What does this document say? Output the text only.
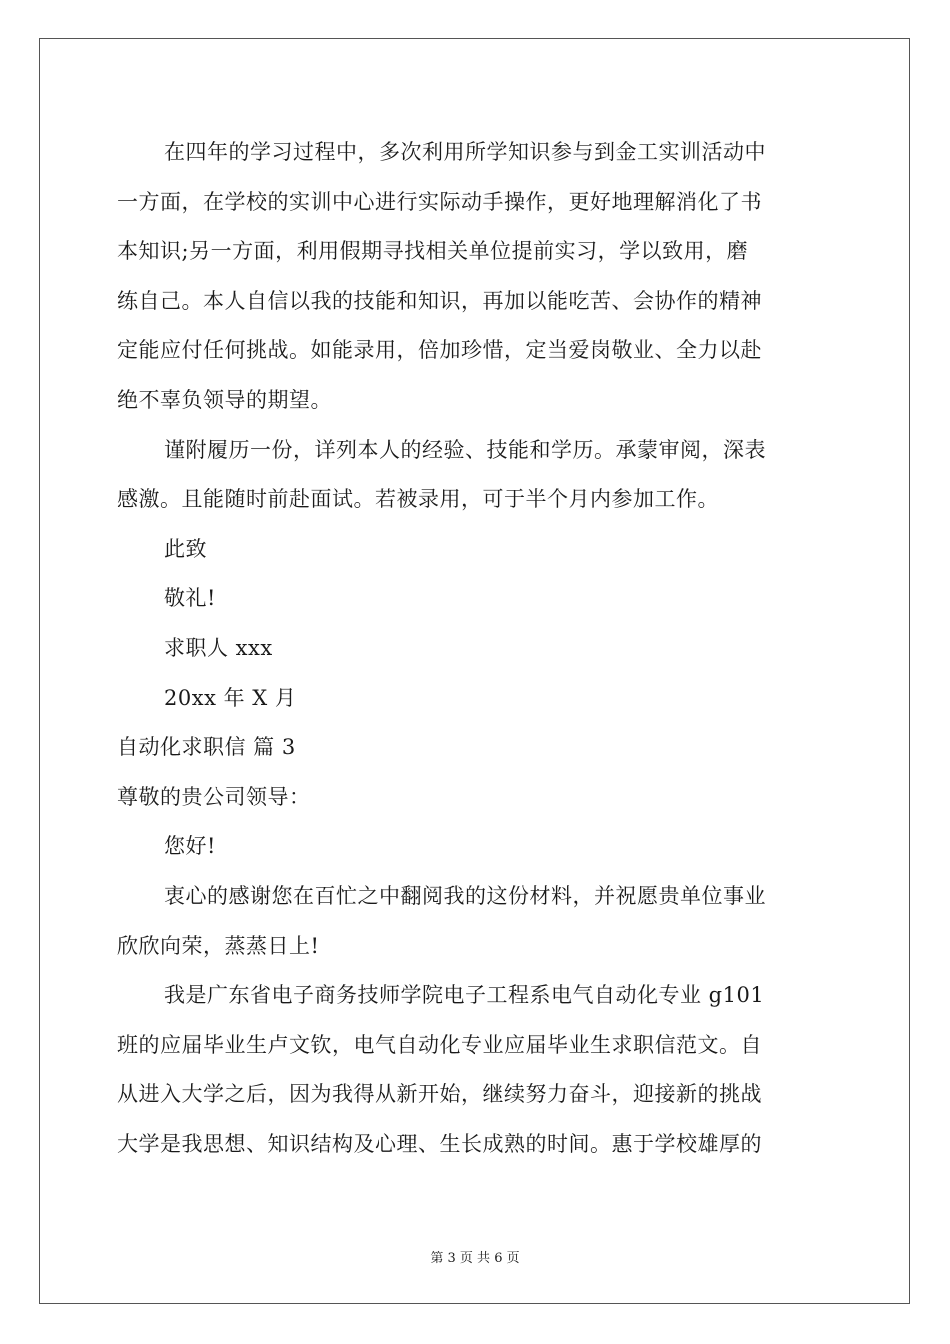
在四年的学习过程中，多次利用所学知识参与到金工实训活动中
一方面，在学校的实训中心进行实际动手操作，更好地理解消化了书
本知识;另一方面，利用假期寻找相关单位提前实习，学以致用，磨
练自己。本人自信以我的技能和知识，再加以能吃苦、会协作的精神
定能应付任何挑战。如能录用，倍加珍惜，定当爱岗敬业、全力以赴
绝不辜负领导的期望。
谨附履历一份，详列本人的经验、技能和学历。承蒙审阅，深表
感激。且能随时前赴面试。若被录用，可于半个月内参加工作。
此致
敬礼!
求职人 xxx
20xx 年 X 月
自动化求职信 篇 3
尊敬的贵公司领导：
您好!
衷心的感谢您在百忙之中翻阅我的这份材料，并祝愿贵单位事业
欣欣向荣，蒸蒸日上!
我是广东省电子商务技师学院电子工程系电气自动化专业 g101
班的应届毕业生卢文钦，电气自动化专业应届毕业生求职信范文。自
从进入大学之后，因为我得从新开始，继续努力奋斗，迎接新的挑战
大学是我思想、知识结构及心理、生长成熟的时间。惠于学校雄厚的
第 3 页 共 6 页
